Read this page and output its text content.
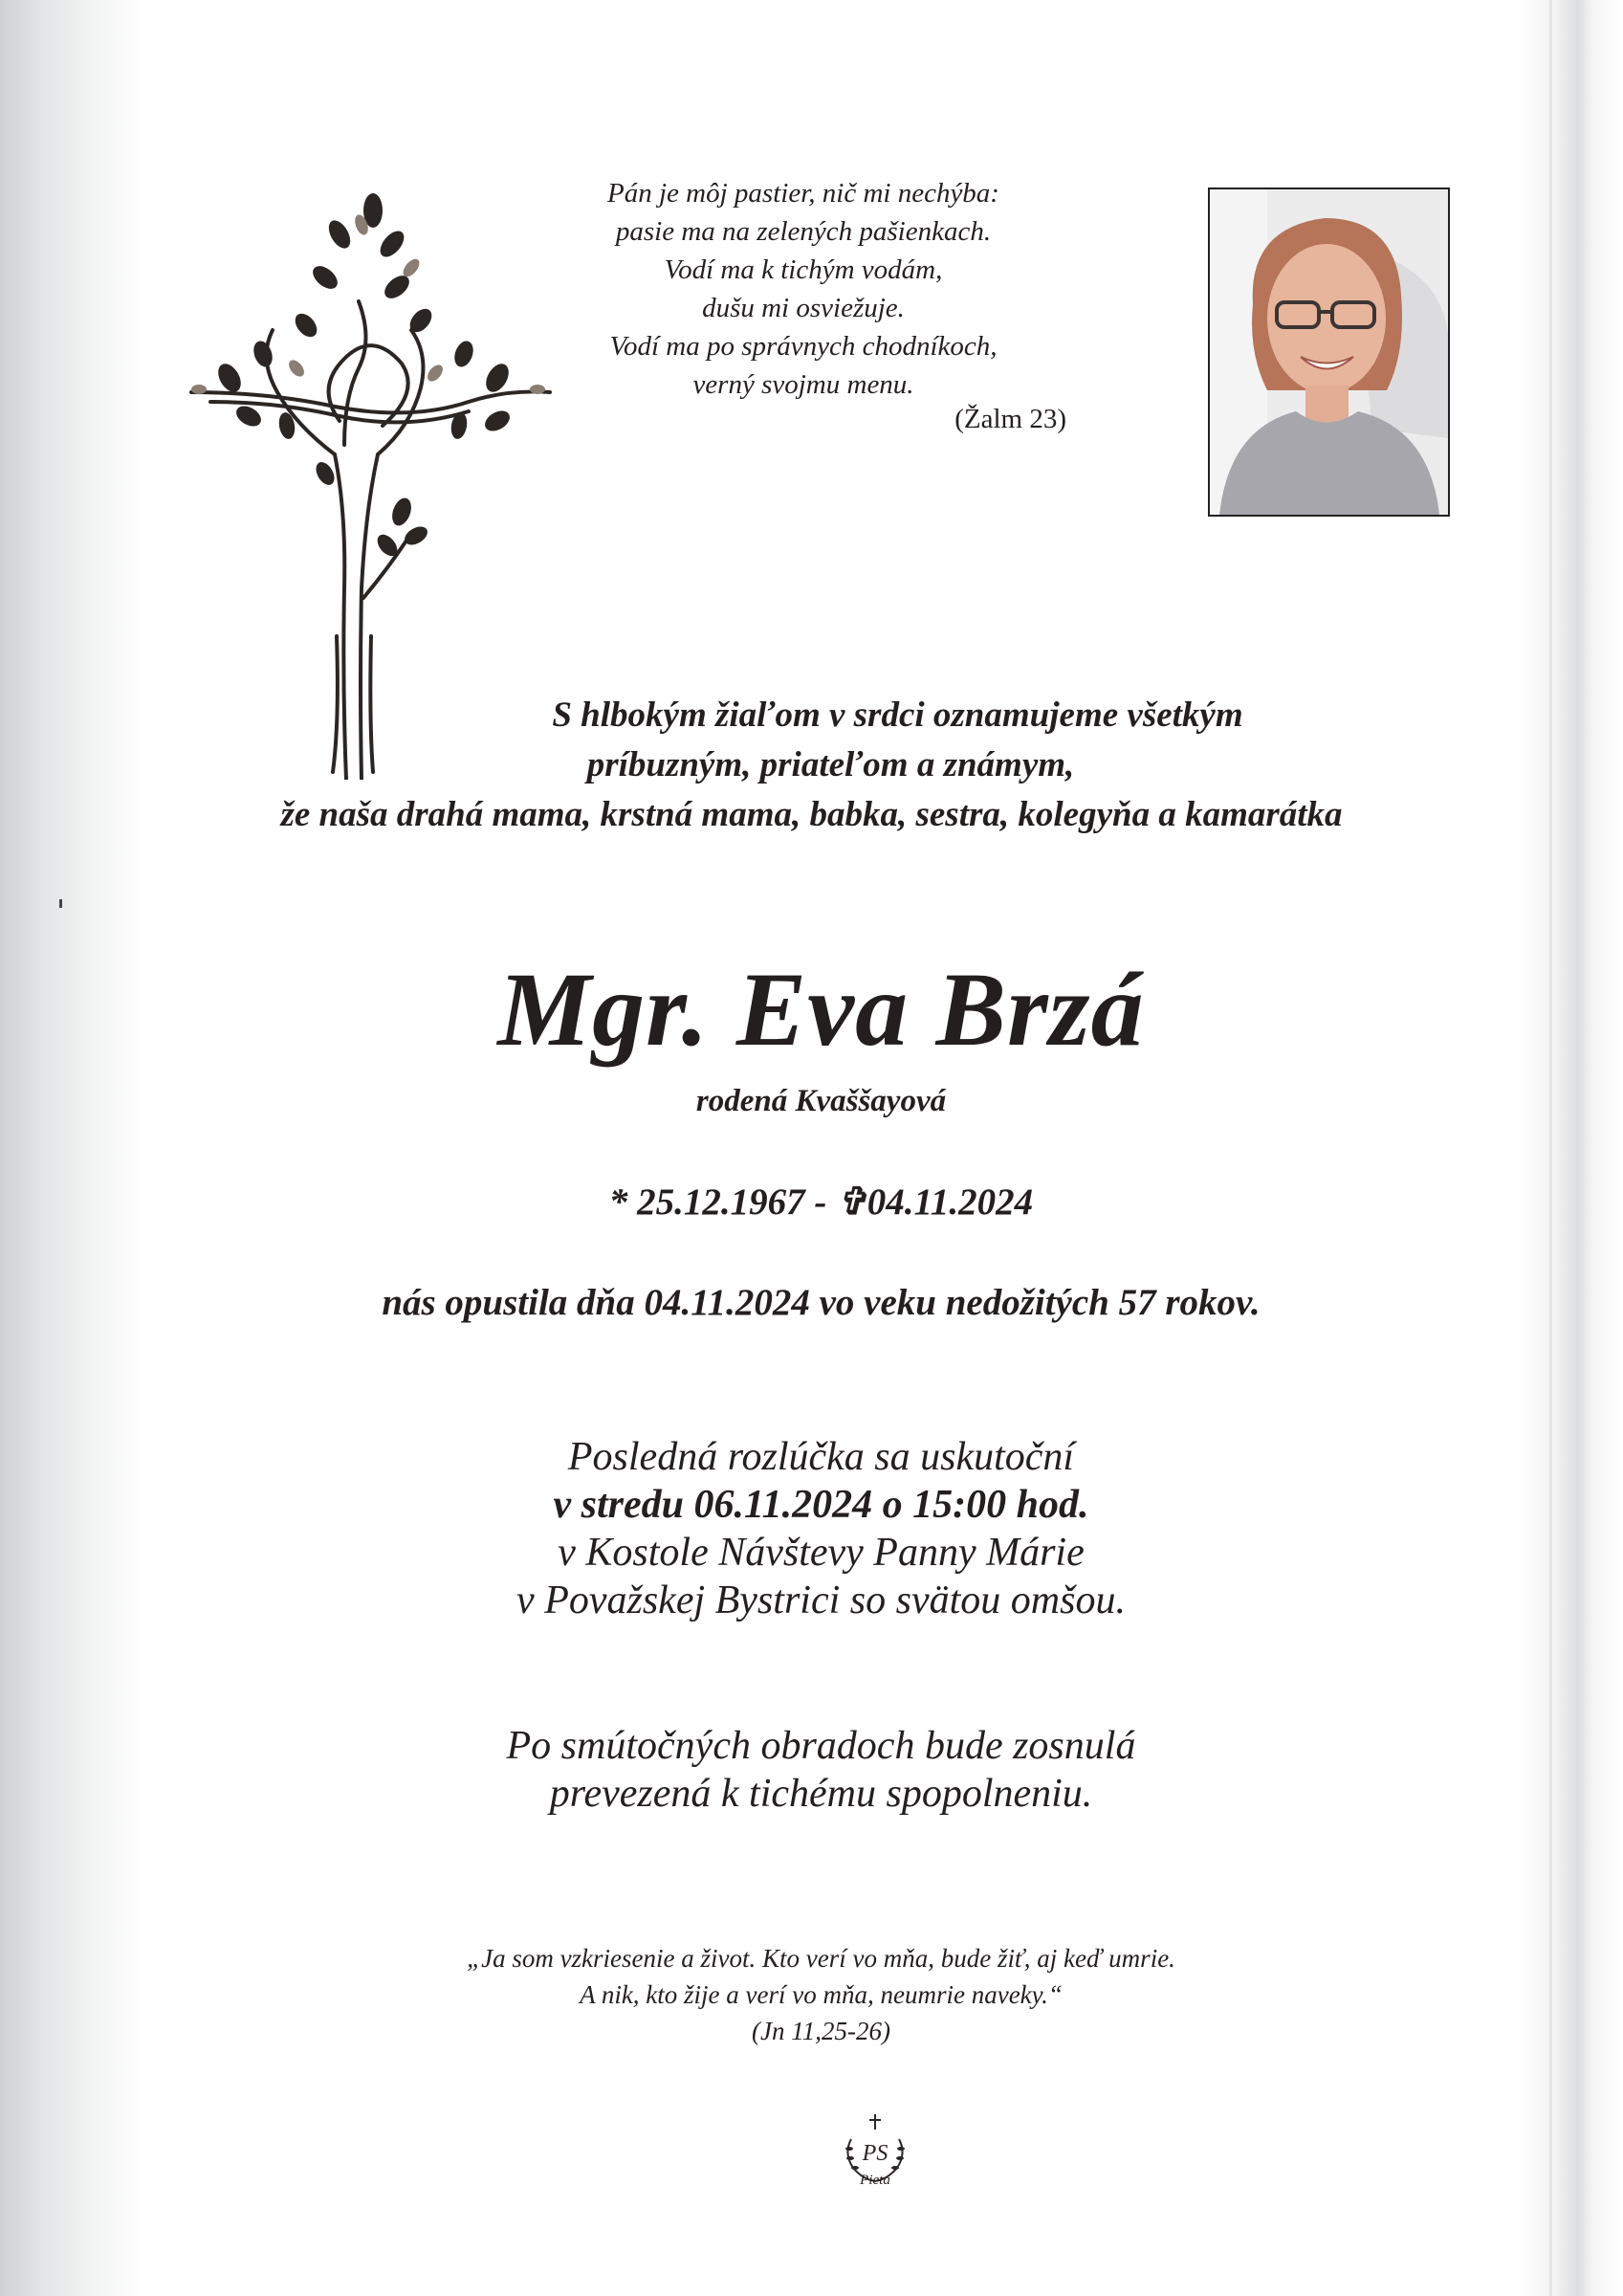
Pán je môj pastier, nič mi nechýba:
pasie ma na zelených pašienkach.
Vodí ma k tichým vodám,
dušu mi osviežuje.
Vodí ma po správnych chodníkoch,
verný svojmu menu.
(Žalm 23)
S hlbokým žiaľom v srdci oznamujeme všetkým
príbuzným, priateľom a známym,
že naša drahá mama, krstná mama, babka, sestra, kolegyňa a kamarátka
Mgr. Eva Brzá
rodená Kvaššayová
* 25.12.1967 - ✞04.11.2024
nás opustila dňa 04.11.2024 vo veku nedožitých 57 rokov.
Posledná rozlúčka sa uskutoční
v stredu 06.11.2024 o 15:00 hod.
v Kostole Návštevy Panny Márie
v Považskej Bystrici so svätou omšou.
Po smútočných obradoch bude zosnulá
prevezená k tichému spopolneniu.
„Ja som vzkriesenie a život. Kto verí vo mňa, bude žiť, aj keď umrie.
A nik, kto žije a verí vo mňa, neumrie naveky.“
(Jn 11,25-26)
PS
Pieta
